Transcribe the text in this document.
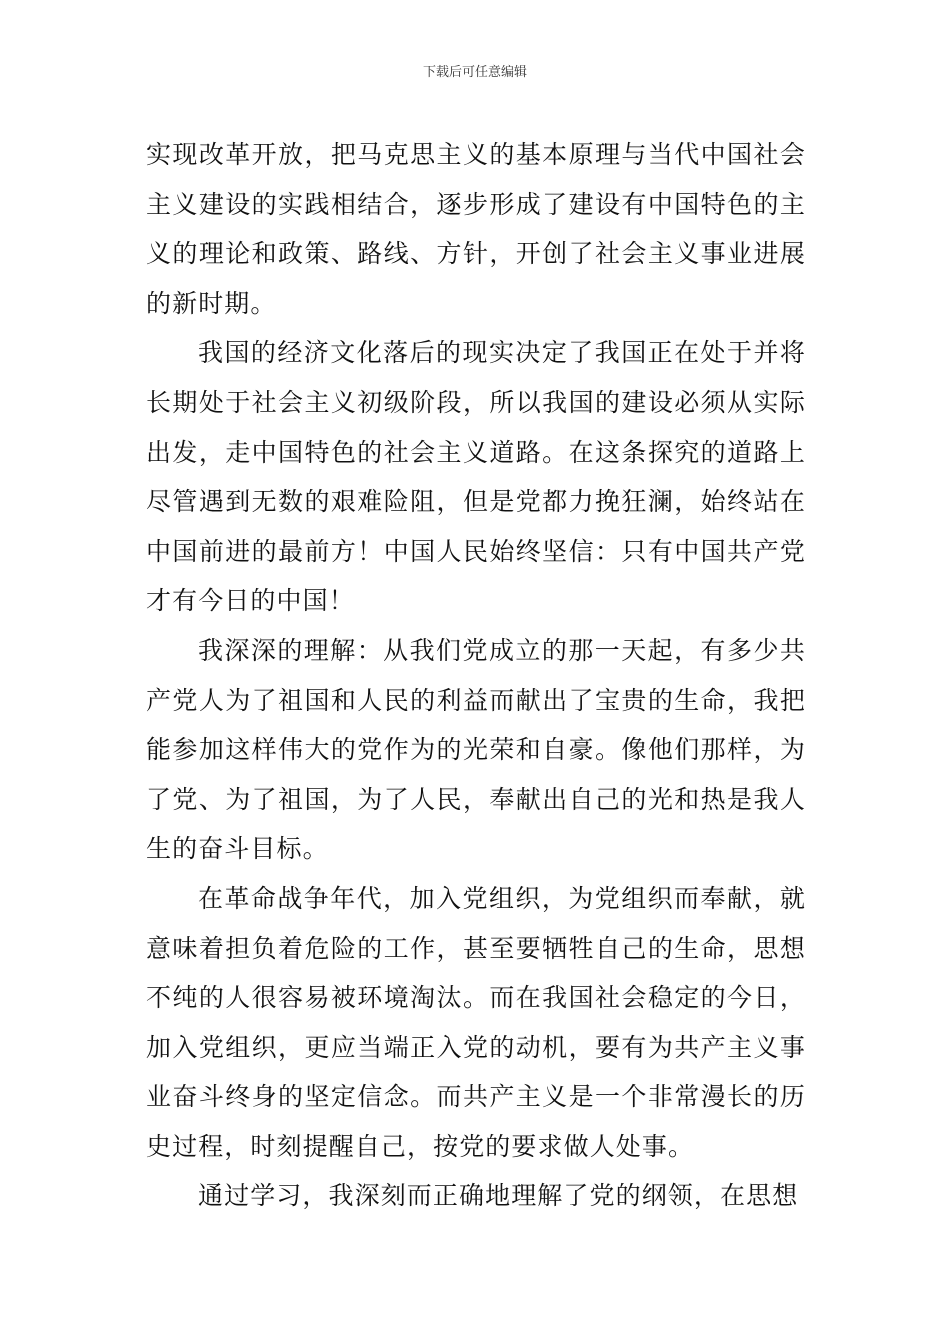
下载后可任意编辑

实现改革开放，把马克思主义的基本原理与当代中国社会主义建设的实践相结合，逐步形成了建设有中国特色的主义的理论和政策、路线、方针，开创了社会主义事业进展的新时期。

我国的经济文化落后的现实决定了我国正在处于并将长期处于社会主义初级阶段，所以我国的建设必须从实际出发，走中国特色的社会主义道路。在这条探究的道路上尽管遇到无数的艰难险阻，但是党都力挽狂澜，始终站在中国前进的最前方！中国人民始终坚信：只有中国共产党才有今日的中国！

我深深的理解：从我们党成立的那一天起，有多少共产党人为了祖国和人民的利益而献出了宝贵的生命，我把能参加这样伟大的党作为的光荣和自豪。像他们那样，为了党、为了祖国，为了人民，奉献出自己的光和热是我人生的奋斗目标。

在革命战争年代，加入党组织，为党组织而奉献，就意味着担负着危险的工作，甚至要牺牲自己的生命，思想不纯的人很容易被环境淘汰。而在我国社会稳定的今日，加入党组织，更应当端正入党的动机，要有为共产主义事业奋斗终身的坚定信念。而共产主义是一个非常漫长的历史过程，时刻提醒自己，按党的要求做人处事。

通过学习，我深刻而正确地理解了党的纲领，在思想
